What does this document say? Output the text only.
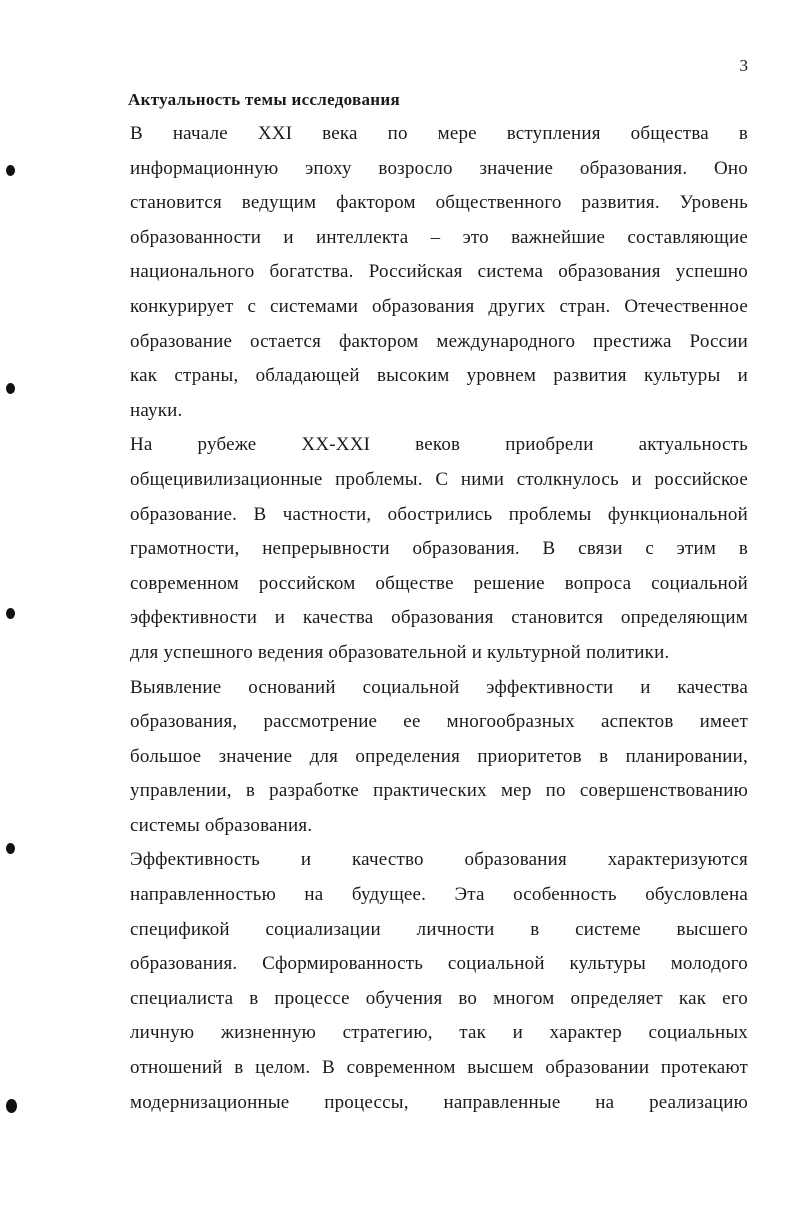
3
Актуальность темы исследования

В начале XXI века по мере вступления общества в
информационную эпоху возросло значение образования. Оно
становится ведущим фактором общественного развития. Уровень
образованности и интеллекта – это важнейшие составляющие
национального богатства. Российская система образования успешно
конкурирует с системами образования других стран. Отечественное
образование остается фактором международного престижа России
как страны, обладающей высоким уровнем развития культуры и
науки.

На рубеже XX-XXI веков приобрели актуальность
общецивилизационные проблемы. С ними столкнулось и российское
образование. В частности, обострились проблемы функциональной
грамотности, непрерывности образования. В связи с этим в
современном российском обществе решение вопроса социальной
эффективности и качества образования становится определяющим
для успешного ведения образовательной и культурной политики.

Выявление оснований социальной эффективности и качества
образования, рассмотрение ее многообразных аспектов имеет
большое значение для определения приоритетов в планировании,
управлении, в разработке практических мер по совершенствованию
системы образования.

Эффективность и качество образования характеризуются
направленностью на будущее. Эта особенность обусловлена
спецификой социализации личности в системе высшего
образования. Сформированность социальной культуры молодого
специалиста в процессе обучения во многом определяет как его
личную жизненную стратегию, так и характер социальных
отношений в целом. В современном высшем образовании протекают
модернизационные процессы, направленные на реализацию
